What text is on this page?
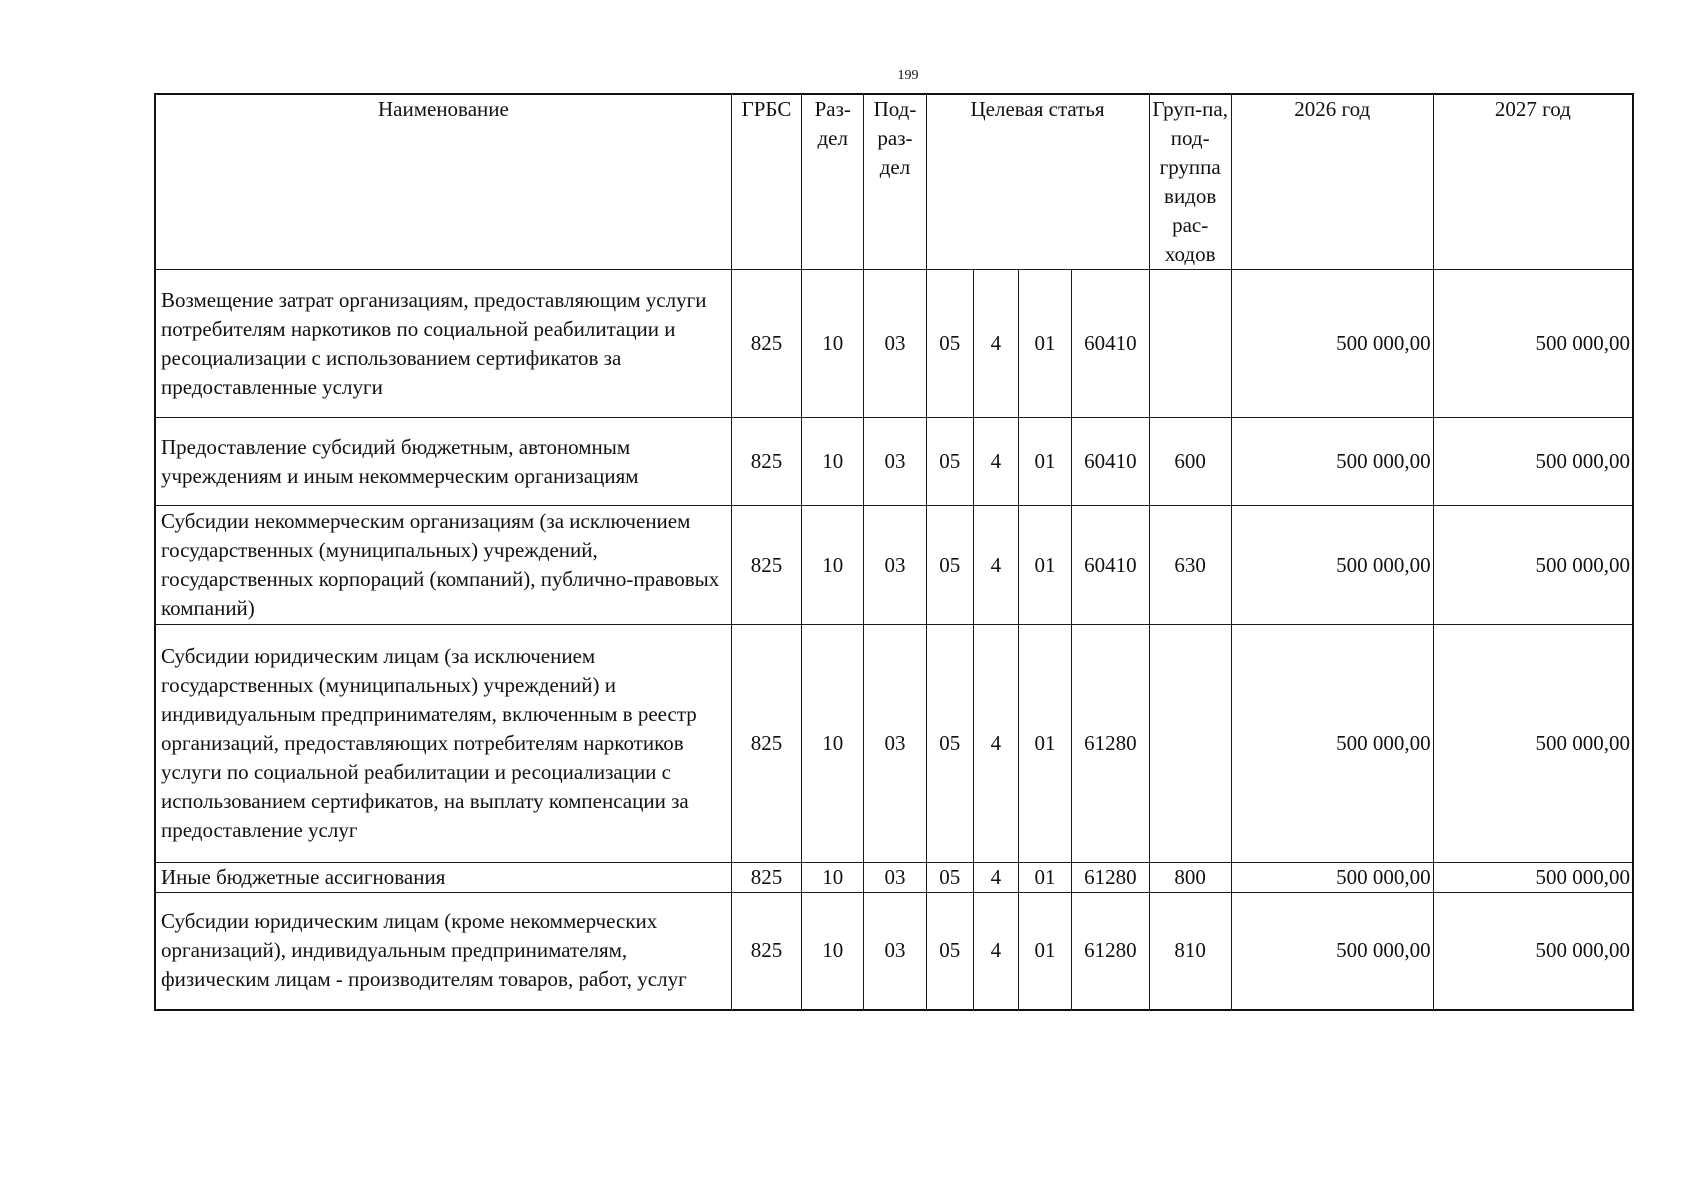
199
Наименование	ГРБС	Раз-дел	Под-раз-дел	Целевая статья				Груп-па, под-группа видов рас-ходов	2026 год	2027 год
Возмещение затрат организациям, предоставляющим услуги потребителям наркотиков по социальной реабилитации и ресоциализации с использованием сертификатов за предоставленные услуги	825	10	03	05	4	01	60410		500 000,00	500 000,00
Предоставление субсидий бюджетным, автономным учреждениям и иным некоммерческим организациям	825	10	03	05	4	01	60410	600	500 000,00	500 000,00
Субсидии некоммерческим организациям (за исключением государственных (муниципальных) учреждений, государственных корпораций (компаний), публично-правовых компаний)	825	10	03	05	4	01	60410	630	500 000,00	500 000,00
Субсидии юридическим лицам (за исключением государственных (муниципальных) учреждений) и индивидуальным предпринимателям, включенным в реестр организаций, предоставляющих потребителям наркотиков услуги по социальной реабилитации и ресоциализации с использованием сертификатов, на выплату компенсации за предоставление услуг	825	10	03	05	4	01	61280		500 000,00	500 000,00
Иные бюджетные ассигнования	825	10	03	05	4	01	61280	800	500 000,00	500 000,00
Субсидии юридическим лицам (кроме некоммерческих организаций), индивидуальным предпринимателям, физическим лицам - производителям товаров, работ, услуг	825	10	03	05	4	01	61280	810	500 000,00	500 000,00
